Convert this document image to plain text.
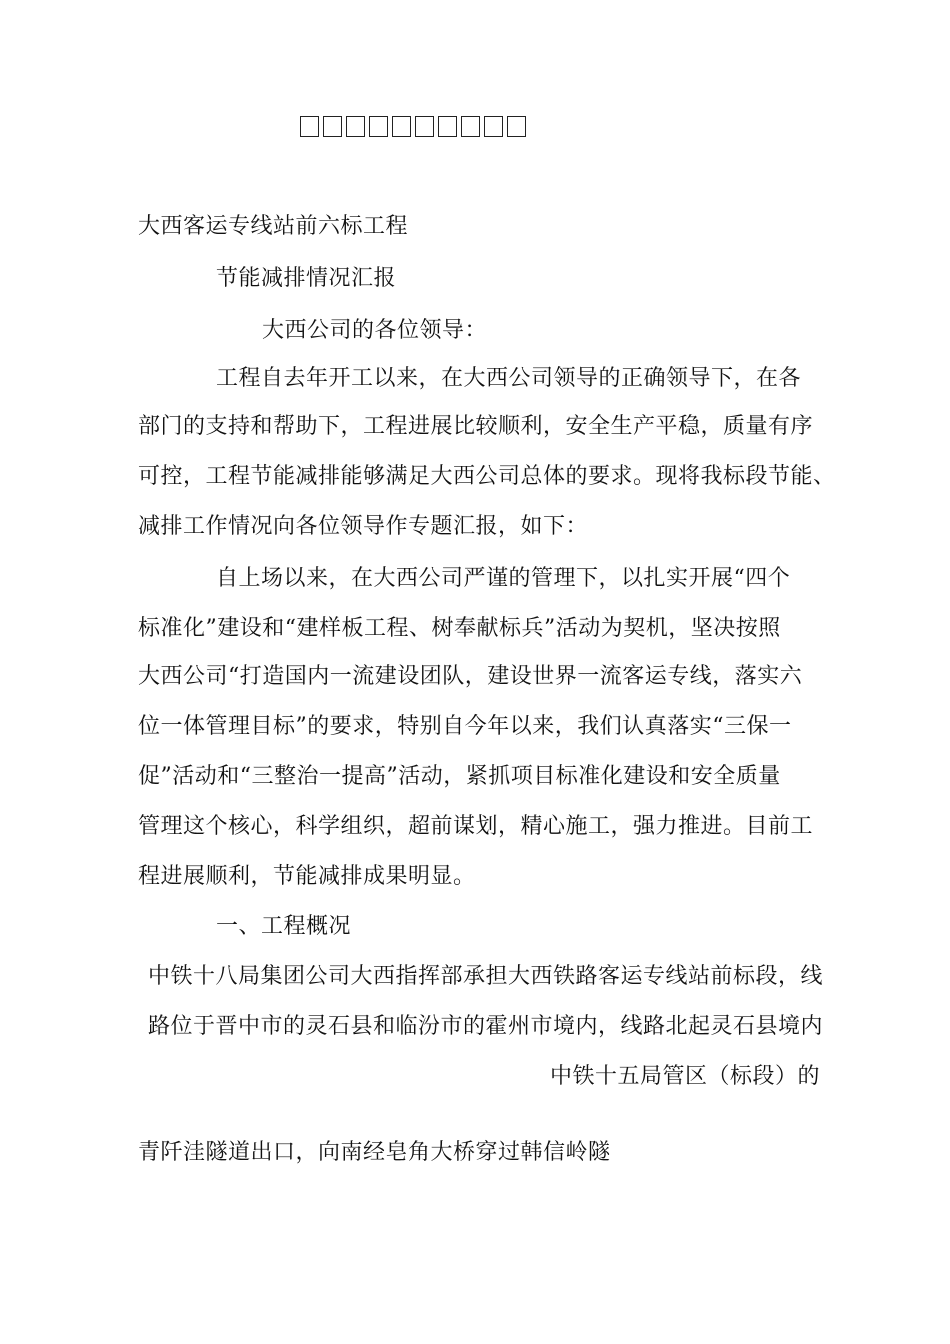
大西客运专线站前六标工程
节能减排情况汇报
大西公司的各位领导：
工程自去年开工以来，在大西公司领导的正确领导下，在各
部门的支持和帮助下，工程进展比较顺利，安全生产平稳，质量有序
可控，工程节能减排能够满足大西公司总体的要求。现将我标段节能、
减排工作情况向各位领导作专题汇报，如下：
自上场以来，在大西公司严谨的管理下，以扎实开展“四个
标准化”建设和“建样板工程、树奉献标兵”活动为契机，坚决按照
大西公司“打造国内一流建设团队，建设世界一流客运专线，落实六
位一体管理目标”的要求，特别自今年以来，我们认真落实“三保一
促”活动和“三整治一提高”活动，紧抓项目标准化建设和安全质量
管理这个核心，科学组织，超前谋划，精心施工，强力推进。目前工
程进展顺利，节能减排成果明显。
一、工程概况
中铁十八局集团公司大西指挥部承担大西铁路客运专线站前标段，线
路位于晋中市的灵石县和临汾市的霍州市境内，线路北起灵石县境内
中铁十五局管区（标段）的
青阡洼隧道出口，向南经皂角大桥穿过韩信岭隧
